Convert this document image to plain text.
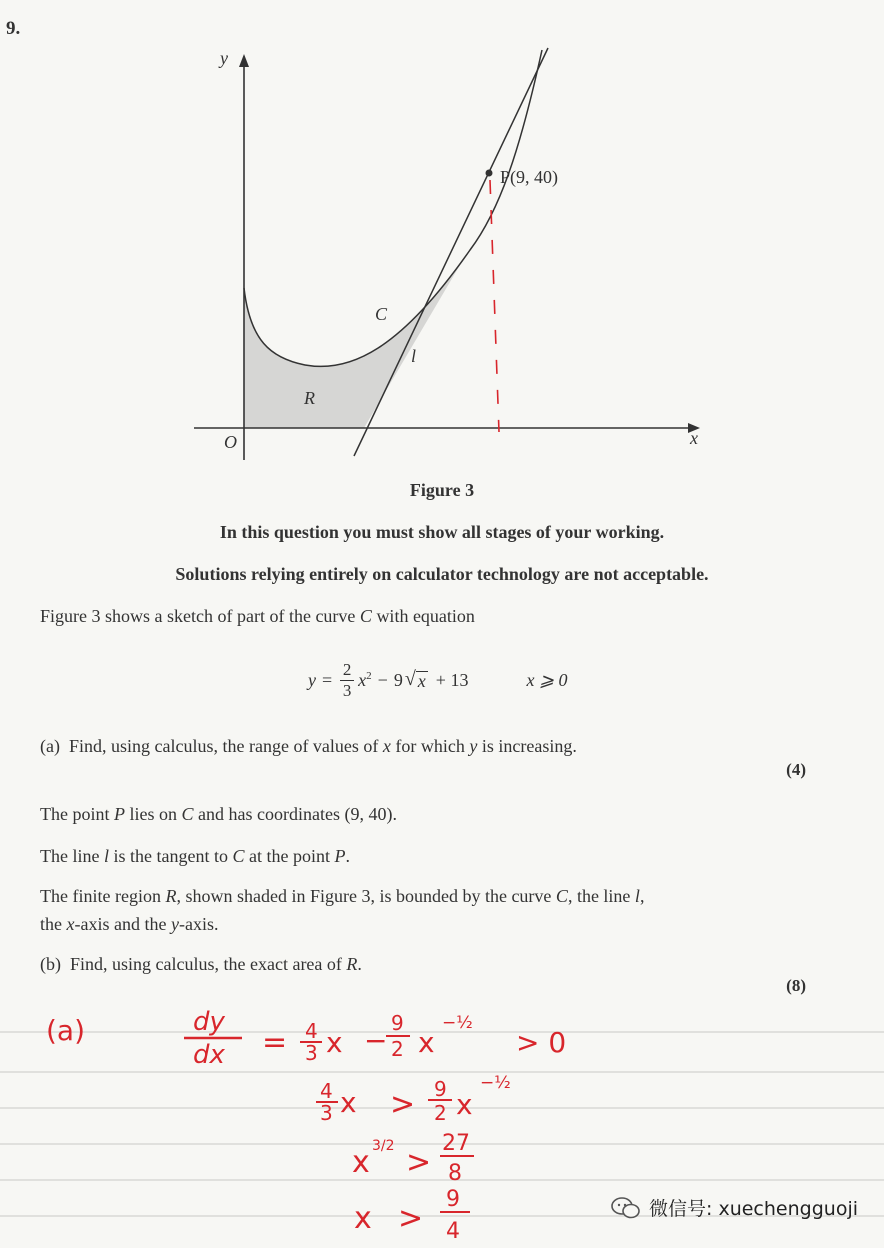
9.
y
x
O
P(9, 40)
C
l
R
Figure 3
In this question you must show all stages of your working.
Solutions relying entirely on calculator technology are not acceptable.
Figure 3 shows a sketch of part of the curve C with equation
$y = \frac{2}{3} x^2 - 9$ √ x + 13	x ⩾ 0
(a) Find, using calculus, the range of values of x for which y is increasing.
(4)
The point P lies on C and has coordinates (9, 40).
The line l is the tangent to C at the point P.
The finite region R, shown shaded in Figure 3, is bounded by the curve C, the line l,
the x-axis and the y-axis.
(b) Find, using calculus, the exact area of R.
(8)
(a)	dy
dx = 4
3 x −
9
2 x
−½
> 0
4
3 x > 9
2 x
−½
x 3/2 >
27
8
x >
9
4
微信号: xuechengguoji
